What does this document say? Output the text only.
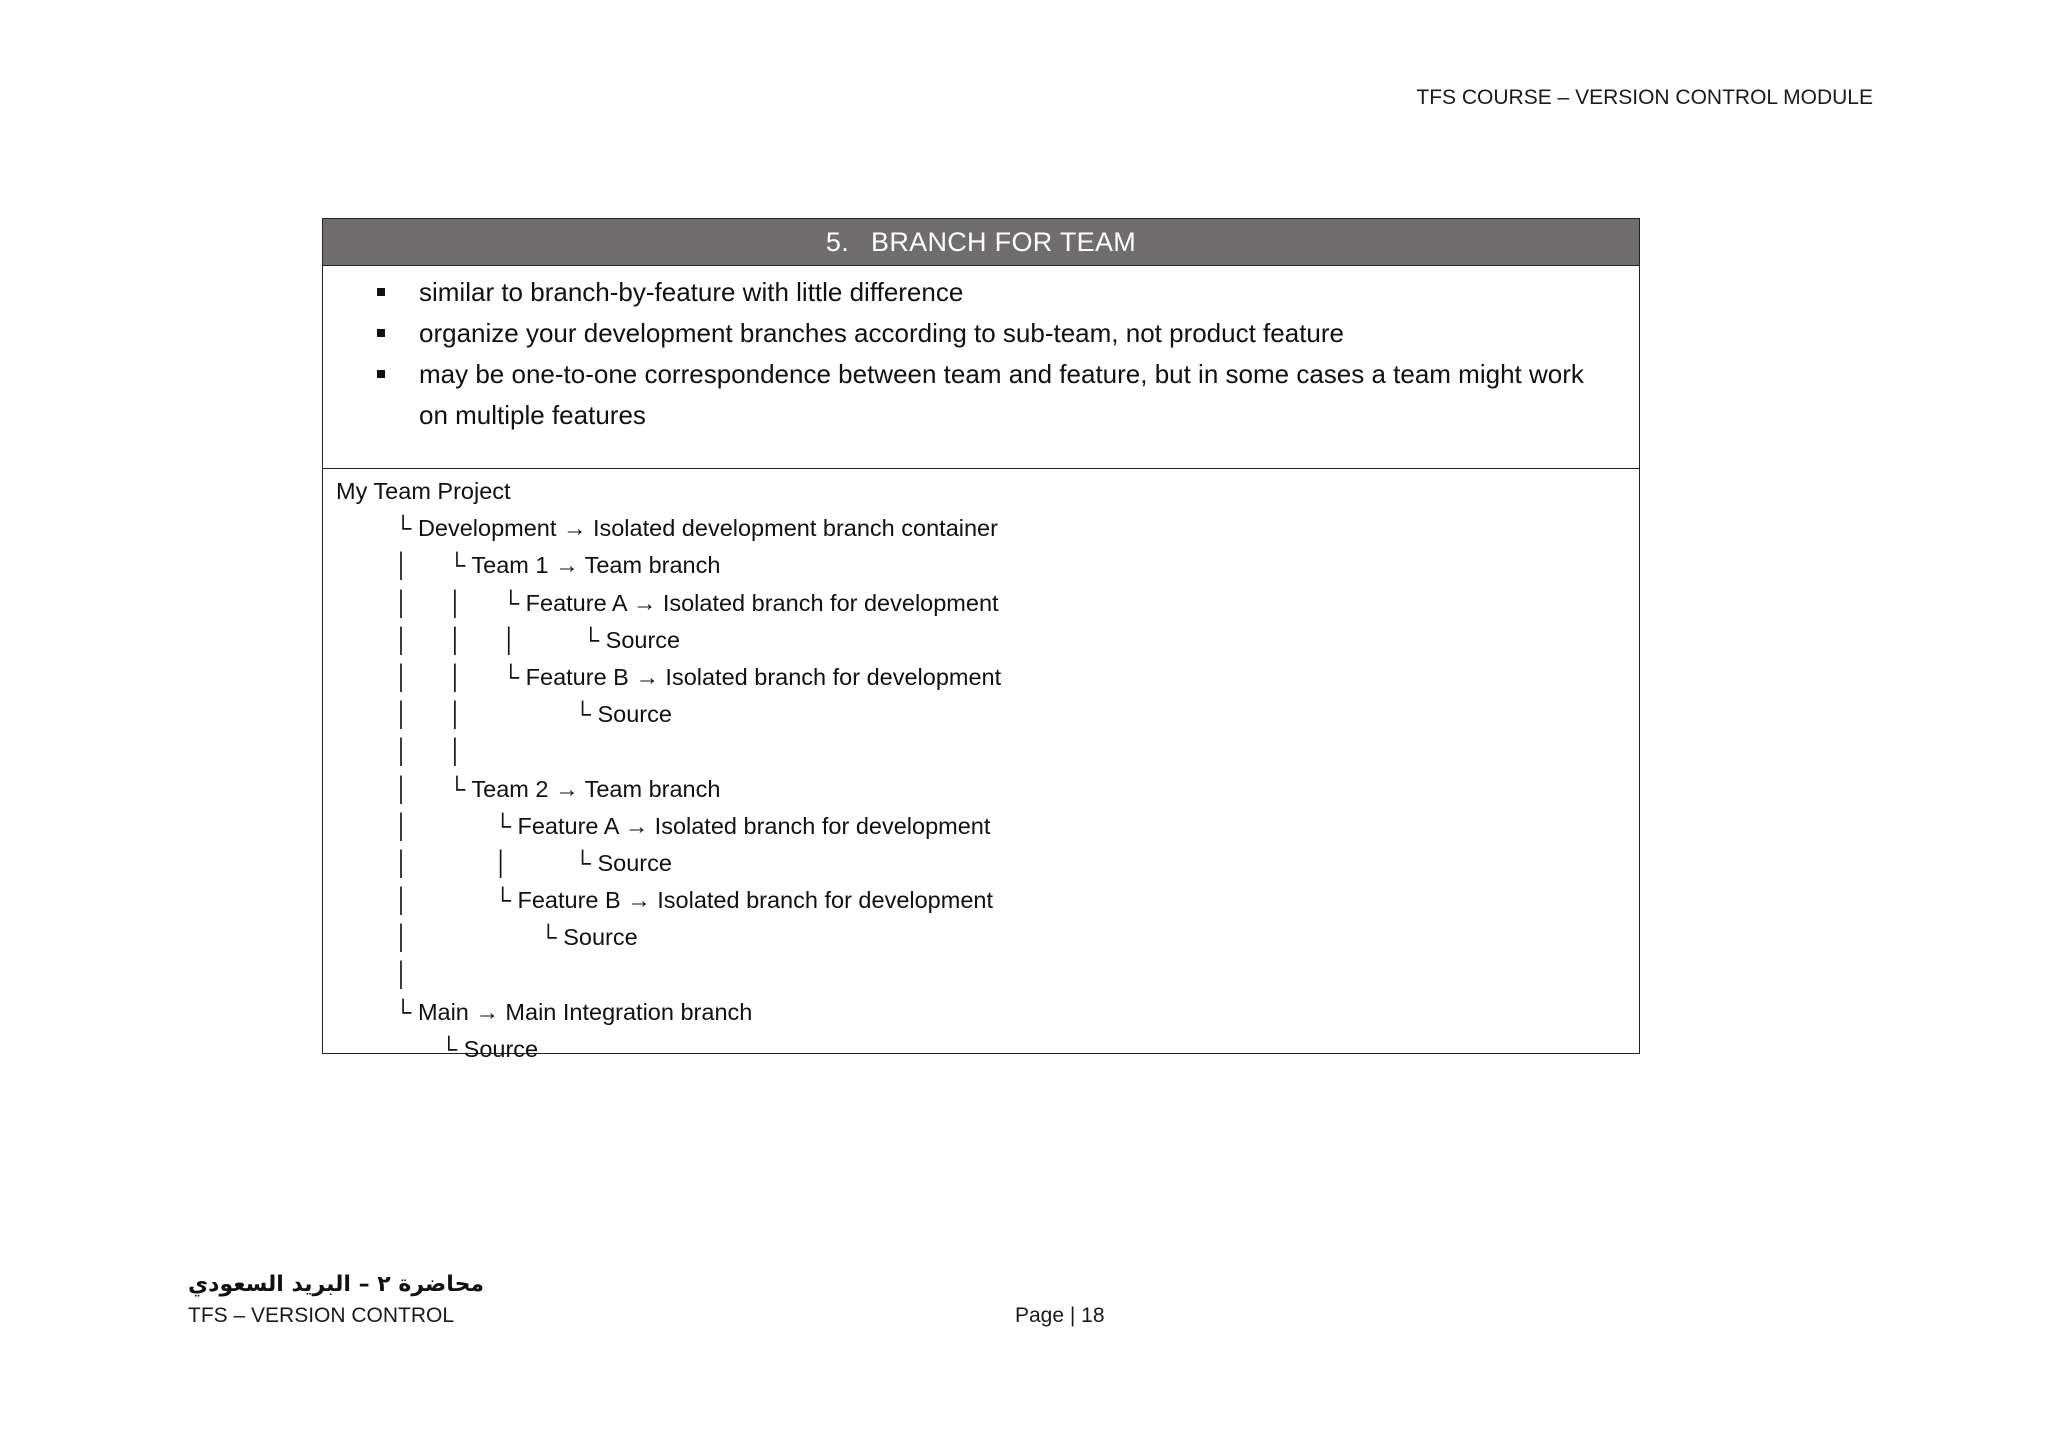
TFS COURSE – VERSION CONTROL MODULE
5. BRANCH FOR TEAM
similar to branch-by-feature with little difference
organize your development branches according to sub-team, not product feature
may be one-to-one correspondence between team and feature, but in some cases a team might work
on multiple features
My Team Project
└ Development → Isolated development branch container
│      └ Team 1 → Team branch
│      │      └ Feature A → Isolated branch for development
│      │      │          └ Source
│      │      └ Feature B → Isolated branch for development
│      │                 └ Source
│      │
│      └ Team 2 → Team branch
│             └ Feature A → Isolated branch for development
│             │          └ Source
│             └ Feature B → Isolated branch for development
│                    └ Source
│
└ Main → Main Integration branch
└ Source
محاضرة ٢ – البريد السعودي
TFS – VERSION CONTROL	Page | 18
